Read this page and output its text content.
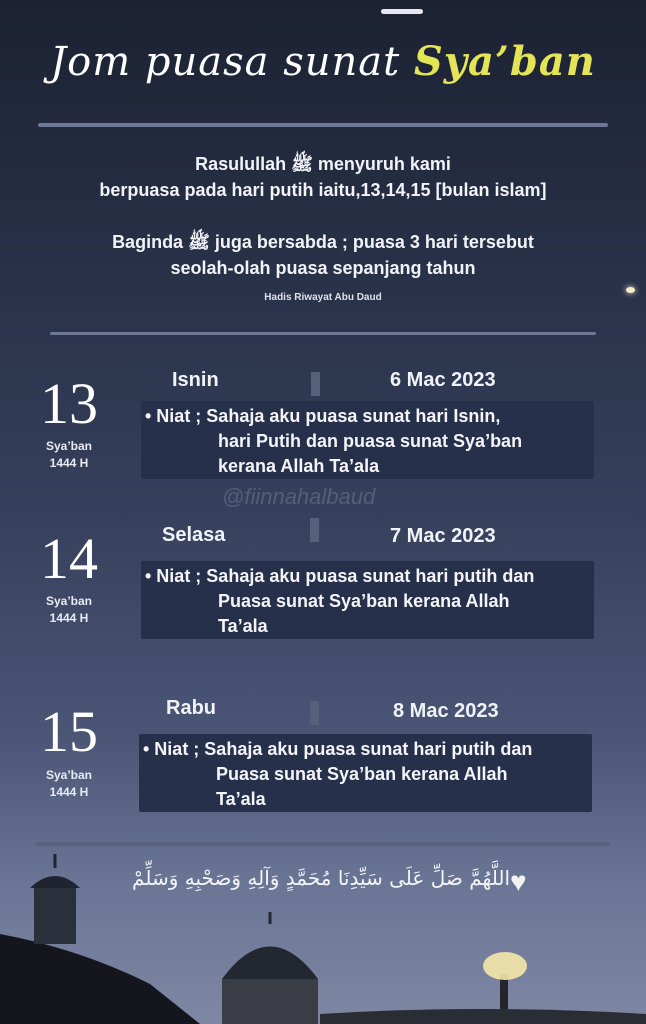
Jom puasa sunat Sya’ban
Rasulullah ﷺ menyuruh kami
berpuasa pada hari putih iaitu,13,14,15 [bulan islam]
Baginda ﷺ juga bersabda ; puasa 3 hari tersebut
seolah-olah puasa sepanjang tahun
Hadis Riwayat Abu Daud
13
Sya’ban
1444 H
Isnin	6 Mac 2023
• Niat ; Sahaja aku puasa sunat hari Isnin,
hari Putih dan puasa sunat Sya’ban
kerana Allah Ta’ala
@fiinnahalbaud
14
Sya’ban
1444 H
Selasa	7 Mac 2023
• Niat ; Sahaja aku puasa sunat hari putih dan
Puasa sunat Sya’ban kerana Allah
Ta’ala
15
Sya’ban
1444 H
Rabu	8 Mac 2023
• Niat ; Sahaja aku puasa sunat hari putih dan
Puasa sunat Sya’ban kerana Allah
Ta’ala
اللَّهُمَّ صَلِّ عَلَى سَيِّدِنَا مُحَمَّدٍ وَآلِهِ وَصَحْبِهِ وَسَلِّمْ ♥
